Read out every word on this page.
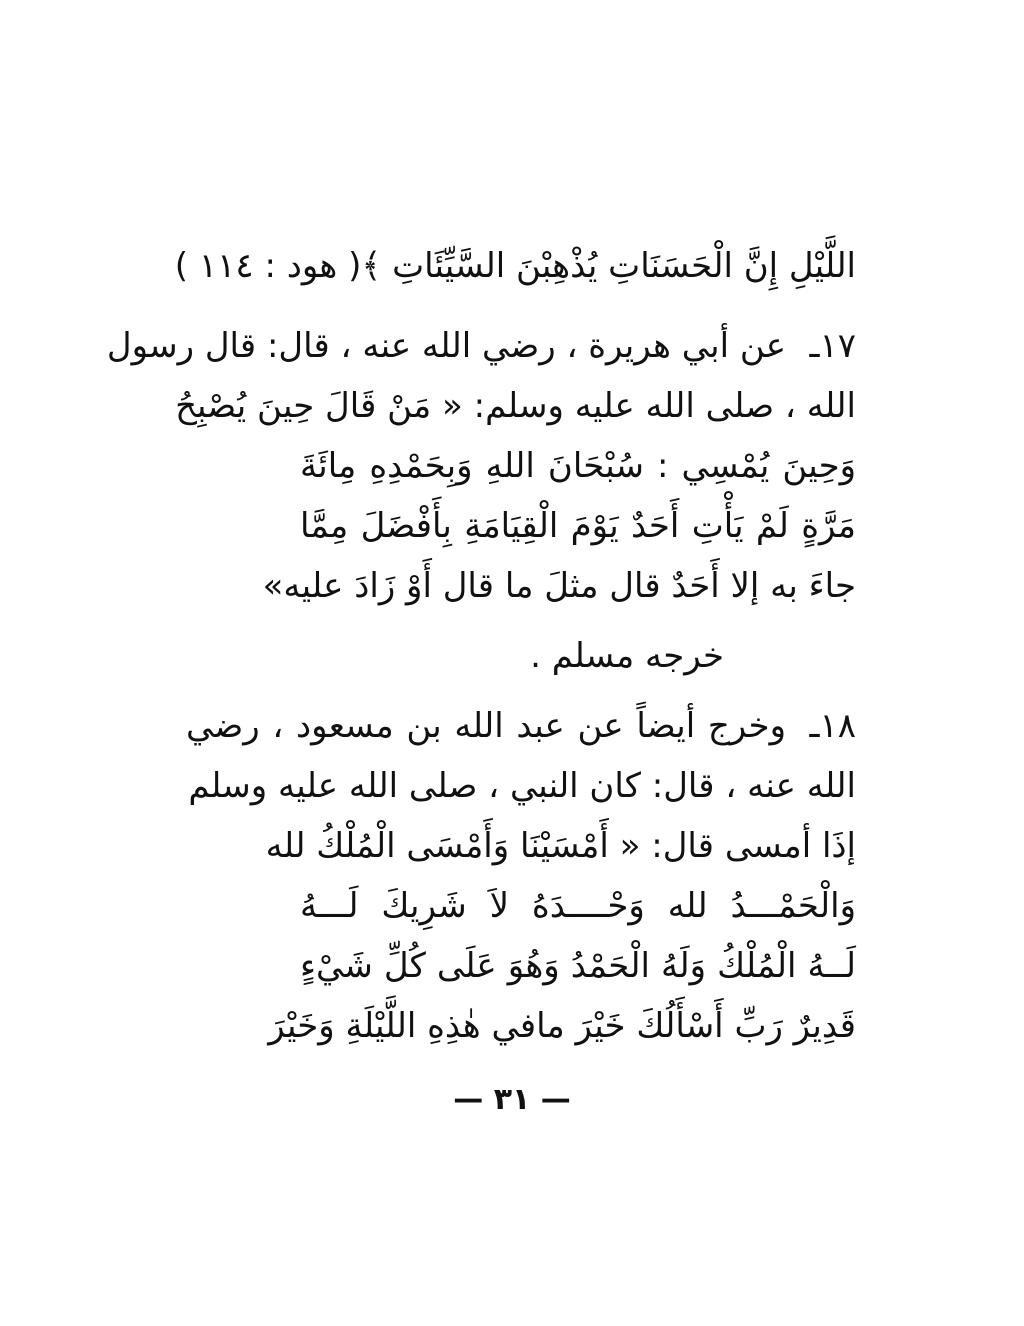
اللَّيْلِ إِنَّ الْحَسَنَاتِ يُذْهِبْنَ السَّيِّئَاتِ ﴾( هود : ١١٤ )
١٧ـ
عن أبي هريرة ، رضي الله عنه ، قال: قال رسول
الله ، صلى الله عليه وسلم: « مَنْ قَالَ حِينَ يُصْبِحُ
وَحِينَ يُمْسِي : سُبْحَانَ اللهِ وَبِحَمْدِهِ مِائَةَ
مَرَّةٍ لَمْ يَأْتِ أَحَدٌ يَوْمَ الْقِيَامَةِ بِأَفْضَلَ مِمَّا
جاءَ به إلا أَحَدٌ قال مثلَ ما قال أَوْ زَادَ عليه»
خرجه مسلم .
١٨ـ
وخرج أيضاً عن عبد الله بن مسعود ، رضي
الله عنه ، قال: كان النبي ، صلى الله عليه وسلم
إذَا أمسى قال: « أَمْسَيْنَا وَأَمْسَى الْمُلْكُ لله
وَالْحَمْـــدُ لله وَحْــــدَهُ لاَ شَرِيكَ لَـــهُ
لَــهُ الْمُلْكُ وَلَهُ الْحَمْدُ وَهُوَ عَلَى كُلِّ شَيْءٍ
قَدِيرٌ رَبِّ أَسْأَلُكَ خَيْرَ مافي هٰذِهِ اللَّيْلَةِ وَخَيْرَ
— ٣١ —
